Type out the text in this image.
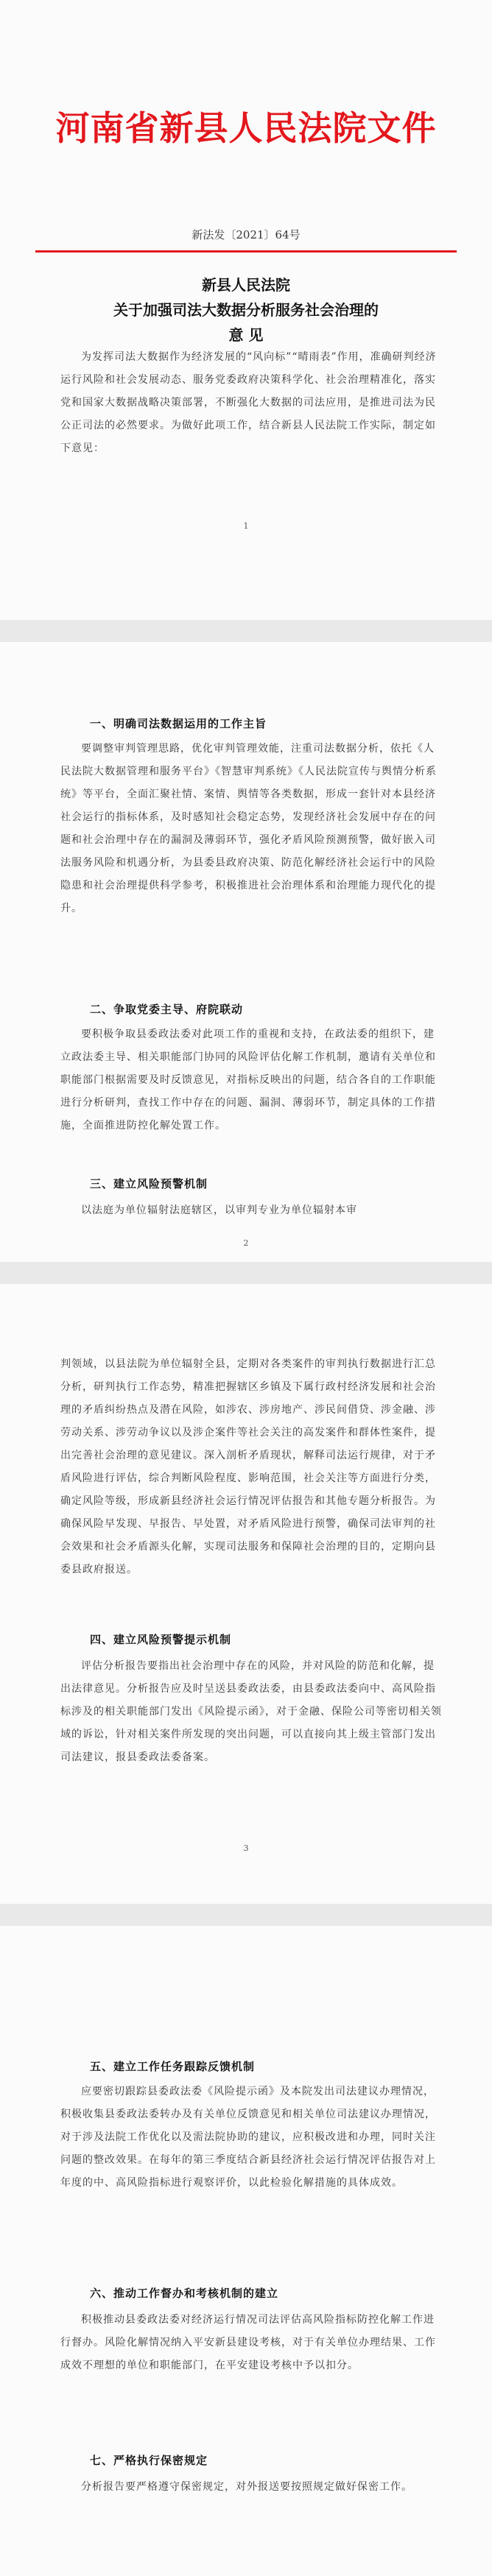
河南省新县人民法院文件
新法发〔2021〕64号
新县人民法院
关于加强司法大数据分析服务社会治理的
意 见
为发挥司法大数据作为经济发展的“风向标”“晴雨表”作用，准确研判经济运行风险和社会发展动态、服务党委政府决策科学化、社会治理精准化，落实党和国家大数据战略决策部署，不断强化大数据的司法应用，是推进司法为民公正司法的必然要求。为做好此项工作，结合新县人民法院工作实际，制定如下意见：
1
一、明确司法数据运用的工作主旨
要调整审判管理思路，优化审判管理效能，注重司法数据分析，依托《人民法院大数据管理和服务平台》《智慧审判系统》《人民法院宣传与舆情分析系统》等平台，全面汇聚社情、案情、舆情等各类数据，形成一套针对本县经济社会运行的指标体系，及时感知社会稳定态势，发现经济社会发展中存在的问题和社会治理中存在的漏洞及薄弱环节，强化矛盾风险预测预警，做好嵌入司法服务风险和机遇分析，为县委县政府决策、防范化解经济社会运行中的风险隐患和社会治理提供科学参考，积极推进社会治理体系和治理能力现代化的提升。
二、争取党委主导、府院联动
要积极争取县委政法委对此项工作的重视和支持，在政法委的组织下，建立政法委主导、相关职能部门协同的风险评估化解工作机制，邀请有关单位和职能部门根据需要及时反馈意见，对指标反映出的问题，结合各自的工作职能进行分析研判，查找工作中存在的问题、漏洞、薄弱环节，制定具体的工作措施，全面推进防控化解处置工作。
三、建立风险预警机制
以法庭为单位辐射法庭辖区，以审判专业为单位辐射本审
2
判领域，以县法院为单位辐射全县，定期对各类案件的审判执行数据进行汇总分析，研判执行工作态势，精准把握辖区乡镇及下属行政村经济发展和社会治理的矛盾纠纷热点及潜在风险，如涉农、涉房地产、涉民间借贷、涉金融、涉劳动关系、涉劳动争议以及涉企案件等社会关注的高发案件和群体性案件，提出完善社会治理的意见建议。深入剖析矛盾现状，解释司法运行规律，对于矛盾风险进行评估，综合判断风险程度、影响范围，社会关注等方面进行分类，确定风险等级，形成新县经济社会运行情况评估报告和其他专题分析报告。为确保风险早发现、早报告、早处置，对矛盾风险进行预警，确保司法审判的社会效果和社会矛盾源头化解，实现司法服务和保障社会治理的目的，定期向县委县政府报送。
四、建立风险预警提示机制
评估分析报告要指出社会治理中存在的风险，并对风险的防范和化解，提出法律意见。分析报告应及时呈送县委政法委，由县委政法委向中、高风险指标涉及的相关职能部门发出《风险提示函》，对于金融、保险公司等密切相关领域的诉讼，针对相关案件所发现的突出问题，可以直接向其上级主管部门发出司法建议，报县委政法委备案。
3
五、建立工作任务跟踪反馈机制
应要密切跟踪县委政法委《风险提示函》及本院发出司法建议办理情况，积极收集县委政法委转办及有关单位反馈意见和相关单位司法建议办理情况，对于涉及法院工作优化以及需法院协助的建议，应积极改进和办理，同时关注问题的整改效果。在每年的第三季度结合新县经济社会运行情况评估报告对上年度的中、高风险指标进行观察评价，以此检验化解措施的具体成效。
六、推动工作督办和考核机制的建立
积极推动县委政法委对经济运行情况司法评估高风险指标防控化解工作进行督办。风险化解情况纳入平安新县建设考核，对于有关单位办理结果、工作成效不理想的单位和职能部门，在平安建设考核中予以扣分。
七、严格执行保密规定
分析报告要严格遵守保密规定，对外报送要按照规定做好保密工作。
